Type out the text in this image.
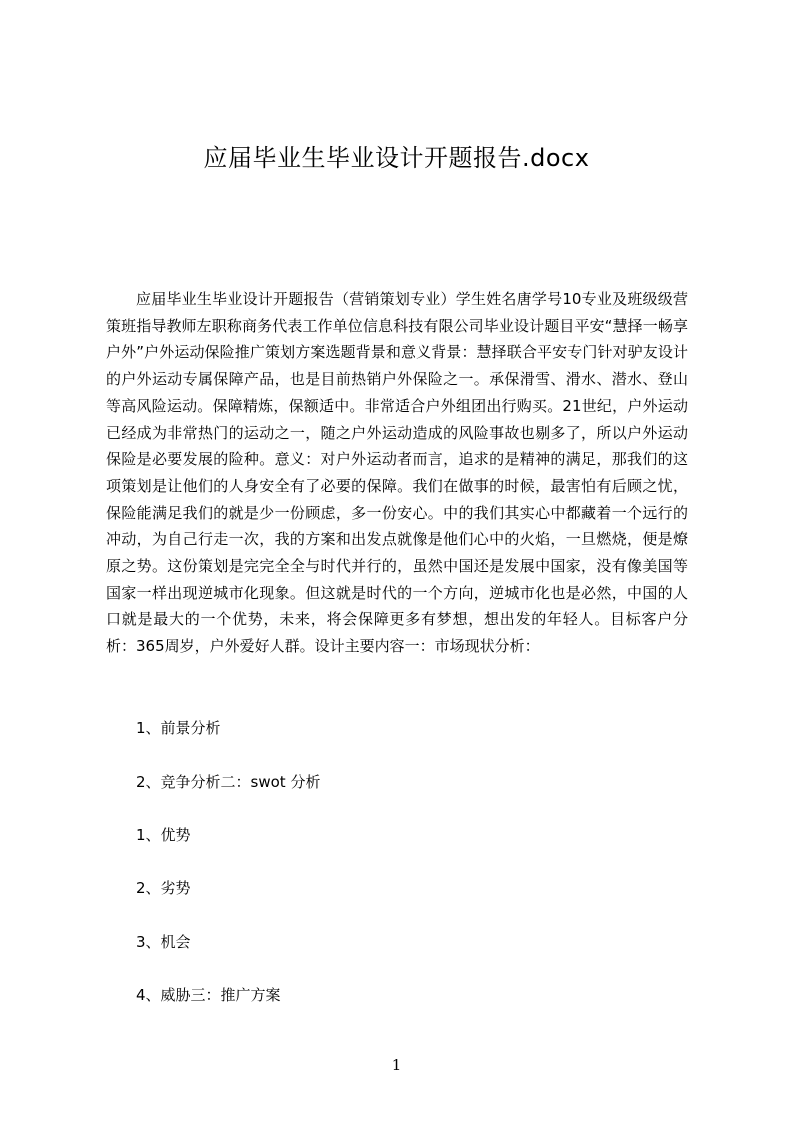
应届毕业生毕业设计开题报告.docx

应届毕业生毕业设计开题报告（营销策划专业）学生姓名唐学号10专业及班级级营策班指导教师左职称商务代表工作单位信息科技有限公司毕业设计题目平安“慧择一畅享户外”户外运动保险推广策划方案选题背景和意义背景：慧择联合平安专门针对驴友设计的户外运动专属保障产品，也是目前热销户外保险之一。承保滑雪、滑水、潜水、登山等高风险运动。保障精炼，保额适中。非常适合户外组团出行购买。21世纪，户外运动已经成为非常热门的运动之一，随之户外运动造成的风险事故也剔多了，所以户外运动保险是必要发展的险种。意义：对户外运动者而言，追求的是精神的满足，那我们的这项策划是让他们的人身安全有了必要的保障。我们在做事的时候，最害怕有后顾之忧，保险能满足我们的就是少一份顾虑，多一份安心。中的我们其实心中都藏着一个远行的冲动，为自己行走一次，我的方案和出发点就像是他们心中的火焰，一旦燃烧，便是燎原之势。这份策划是完完全全与时代并行的，虽然中国还是发展中国家，没有像美国等国家一样出现逆城市化现象。但这就是时代的一个方向，逆城市化也是必然，中国的人口就是最大的一个优势，未来，将会保障更多有梦想，想出发的年轻人。目标客户分析：365周岁，户外爱好人群。设计主要内容一：市场现状分析：

1、前景分析

2、竞争分析二：swot 分析

1、优势

2、劣势

3、机会

4、威胁三：推广方案

1
